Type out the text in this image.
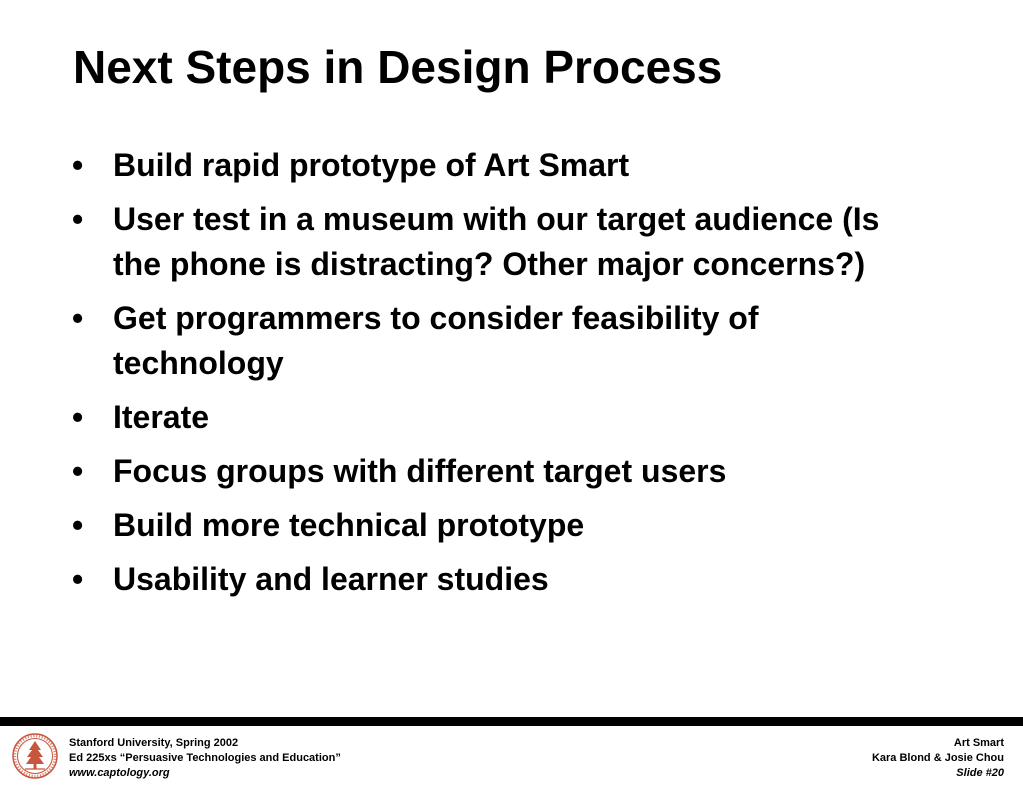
Next Steps in Design Process
• Build rapid prototype of Art Smart
• User test in a museum with our target audience (Is the phone is distracting? Other major concerns?)
• Get programmers to consider feasibility of technology
• Iterate
• Focus groups with different target users
• Build more technical prototype
• Usability and learner studies
Stanford University, Spring 2002
Ed 225xs “Persuasive Technologies and Education”
www.captology.org
Art Smart
Kara Blond & Josie Chou
Slide #20
